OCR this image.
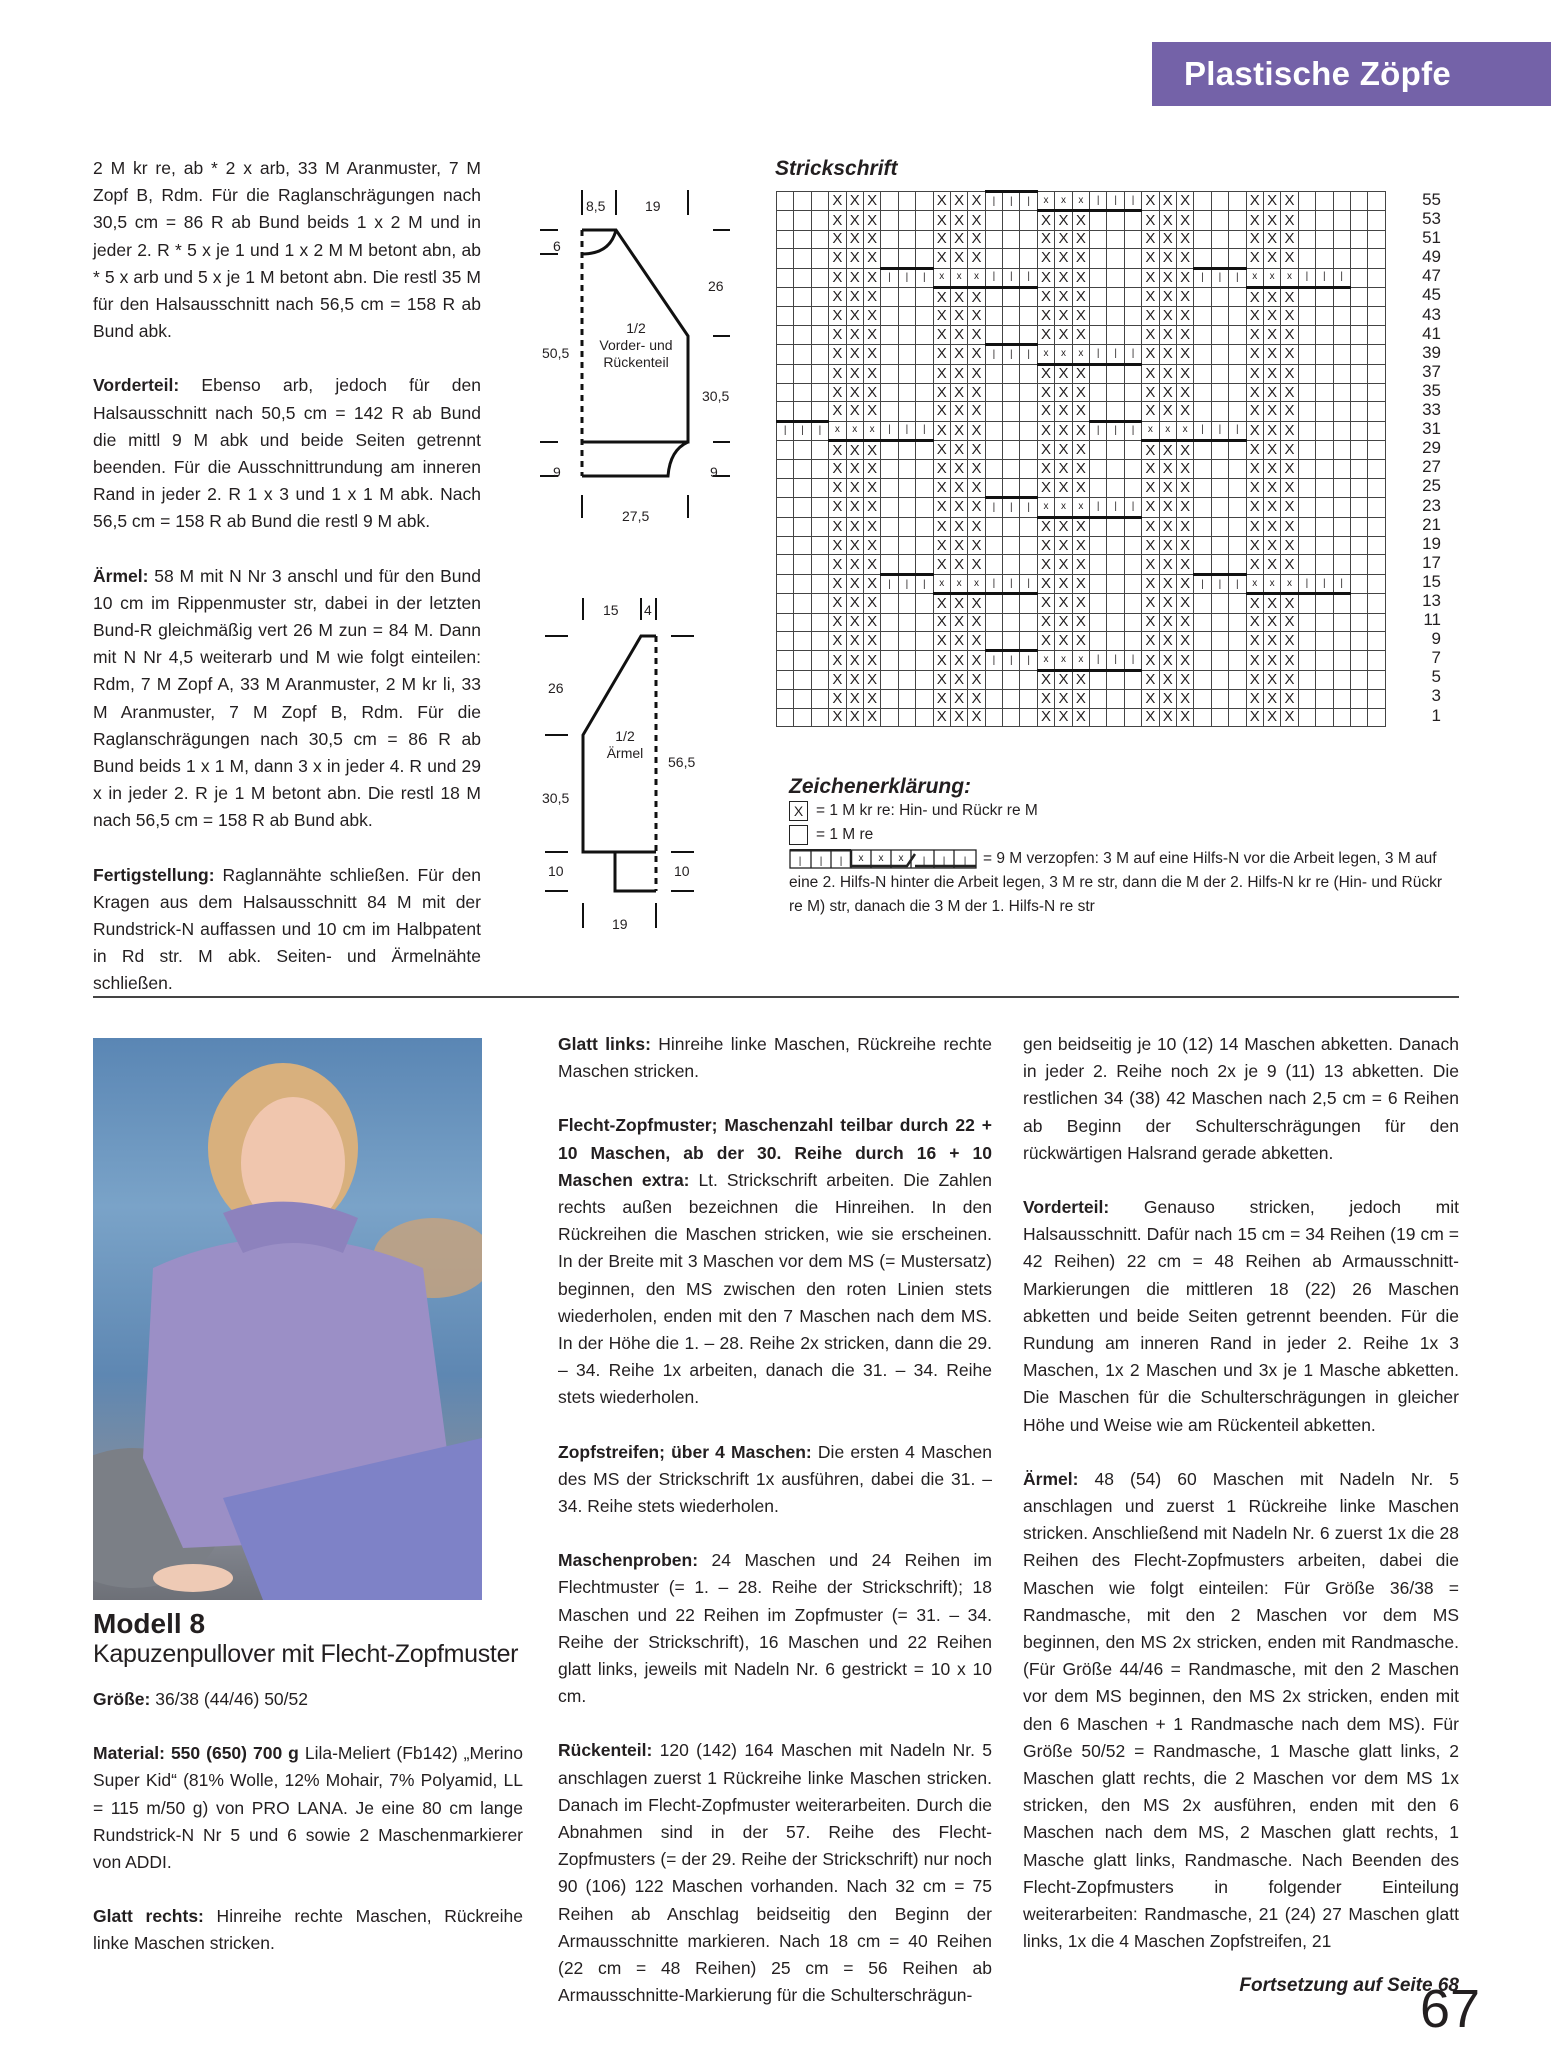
Plastische Zöpfe

2 M kr re, ab * 2 x arb, 33 M Aranmuster, 7 M Zopf B, Rdm. Für die Raglanschrägungen nach 30,5 cm = 86 R ab Bund beids 1 x 2 M und in jeder 2. R * 5 x je 1 und 1 x 2 M M betont abn, ab * 5 x arb und 5 x je 1 M betont abn. Die restl 35 M für den Halsausschnitt nach 56,5 cm = 158 R ab Bund abk.

Vorderteil: Ebenso arb, jedoch für den Halsausschnitt nach 50,5 cm = 142 R ab Bund die mittl 9 M abk und beide Seiten getrennt beenden. Für die Ausschnittrundung am inneren Rand in jeder 2. R 1 x 3 und 1 x 1 M abk. Nach 56,5 cm = 158 R ab Bund die restl 9 M abk.

Ärmel: 58 M mit N Nr 3 anschl und für den Bund 10 cm im Rippenmuster str, dabei in der letzten Bund-R gleichmäßig vert 26 M zun = 84 M. Dann mit N Nr 4,5 weiterarb und M wie folgt einteilen: Rdm, 7 M Zopf A, 33 M Aranmuster, 2 M kr li, 33 M Aranmuster, 7 M Zopf B, Rdm. Für die Raglanschrägungen nach 30,5 cm = 86 R ab Bund beids 1 x 1 M, dann 3 x in jeder 4. R und 29 x in jeder 2. R je 1 M betont abn. Die restl 18 M nach 56,5 cm = 158 R ab Bund abk.

Fertigstellung: Raglannähte schließen. Für den Kragen aus dem Halsausschnitt 84 M mit der Rundstrick-N auffassen und 10 cm im Halbpatent in Rd str. M abk. Seiten- und Ärmelnähte schließen.

8,5	19
6
50,5
9
26
30,5
9
27,5
1/2
Vorder- und
Rückenteil
15 4
26
30,5
10
56,5
10
19
1/2
Ärmel
Strickschrift
			X	X	X				X	X	X	|	|	|	x	x	x	|	|	|	X	X	X				X	X	X					
			X	X	X				X	X	X				X	X	X				X	X	X				X	X	X					
			X	X	X				X	X	X				X	X	X				X	X	X				X	X	X					
			X	X	X				X	X	X				X	X	X				X	X	X				X	X	X					
			X	X	X	|	|	|	x	x	x	|	|	|	X	X	X				X	X	X	|	|	|	x	x	x	|	|	|		
			X	X	X				X	X	X				X	X	X				X	X	X				X	X	X					
			X	X	X				X	X	X				X	X	X				X	X	X				X	X	X					
			X	X	X				X	X	X				X	X	X				X	X	X				X	X	X					
			X	X	X				X	X	X	|	|	|	x	x	x	|	|	|	X	X	X				X	X	X					
			X	X	X				X	X	X				X	X	X				X	X	X				X	X	X					
			X	X	X				X	X	X				X	X	X				X	X	X				X	X	X					
			X	X	X				X	X	X				X	X	X				X	X	X				X	X	X					
|	|	|	x	x	x	|	|	|	X	X	X				X	X	X	|	|	|	x	x	x	|	|	|	X	X	X					
			X	X	X				X	X	X				X	X	X				X	X	X				X	X	X					
			X	X	X				X	X	X				X	X	X				X	X	X				X	X	X					
			X	X	X				X	X	X				X	X	X				X	X	X				X	X	X					
			X	X	X				X	X	X	|	|	|	x	x	x	|	|	|	X	X	X				X	X	X					
			X	X	X				X	X	X				X	X	X				X	X	X				X	X	X					
			X	X	X				X	X	X				X	X	X				X	X	X				X	X	X					
			X	X	X				X	X	X				X	X	X				X	X	X				X	X	X					
			X	X	X	|	|	|	x	x	x	|	|	|	X	X	X				X	X	X	|	|	|	x	x	x	|	|	|		
			X	X	X				X	X	X				X	X	X				X	X	X				X	X	X					
			X	X	X				X	X	X				X	X	X				X	X	X				X	X	X					
			X	X	X				X	X	X				X	X	X				X	X	X				X	X	X					
			X	X	X				X	X	X	|	|	|	x	x	x	|	|	|	X	X	X				X	X	X					
			X	X	X				X	X	X				X	X	X				X	X	X				X	X	X					
			X	X	X				X	X	X				X	X	X				X	X	X				X	X	X					
			X	X	X				X	X	X				X	X	X				X	X	X				X	X	X					
55
53
51
49
47
45
43
41
39
37
35
33
31
29
27
25
23
21
19
17
15
13
11
9
7
5
3
1
Zeichenerklärung:
X = 1 M kr re: Hin- und Rückr re M
= 1 M re
| | | x x x | | | = 9 M verzopfen: 3 M auf eine Hilfs-N vor die Arbeit legen, 3 M auf eine 2. Hilfs-N hinter die Arbeit legen, 3 M re str, dann die M der 2. Hilfs-N kr re (Hin- und Rückr re M) str, danach die 3 M der 1. Hilfs-N re str
Modell 8
Kapuzenpullover mit Flecht-Zopfmuster

Größe: 36/38 (44/46) 50/52

Material: 550 (650) 700 g Lila-Meliert (Fb142) „Merino Super Kid“ (81% Wolle, 12% Mohair, 7% Polyamid, LL = 115 m/50 g) von PRO LANA. Je eine 80 cm lange Rundstrick-N Nr 5 und 6 sowie 2 Maschenmarkierer von ADDI.

Glatt rechts: Hinreihe rechte Maschen, Rückreihe linke Maschen stricken.

Glatt links: Hinreihe linke Maschen, Rückreihe rechte Maschen stricken.

Flecht-Zopfmuster; Maschenzahl teilbar durch 22 + 10 Maschen, ab der 30. Reihe durch 16 + 10 Maschen extra: Lt. Strickschrift arbeiten. Die Zahlen rechts außen bezeichnen die Hinreihen. In den Rückreihen die Maschen stricken, wie sie erscheinen. In der Breite mit 3 Maschen vor dem MS (= Mustersatz) beginnen, den MS zwischen den roten Linien stets wiederholen, enden mit den 7 Maschen nach dem MS. In der Höhe die 1. – 28. Reihe 2x stricken, dann die 29. – 34. Reihe 1x arbeiten, danach die 31. – 34. Reihe stets wiederholen.

Zopfstreifen; über 4 Maschen: Die ersten 4 Maschen des MS der Strickschrift 1x ausführen, dabei die 31. – 34. Reihe stets wiederholen.

Maschenproben: 24 Maschen und 24 Reihen im Flechtmuster (= 1. – 28. Reihe der Strickschrift); 18 Maschen und 22 Reihen im Zopfmuster (= 31. – 34. Reihe der Strickschrift), 16 Maschen und 22 Reihen glatt links, jeweils mit Nadeln Nr. 6 gestrickt = 10 x 10 cm.

Rückenteil: 120 (142) 164 Maschen mit Nadeln Nr. 5 anschlagen zuerst 1 Rückreihe linke Maschen stricken. Danach im Flecht-Zopfmuster weiterarbeiten. Durch die Abnahmen sind in der 57. Reihe des Flecht-Zopfmusters (= der 29. Reihe der Strickschrift) nur noch 90 (106) 122 Maschen vorhanden. Nach 32 cm = 75 Reihen ab Anschlag beidseitig den Beginn der Armausschnitte markieren. Nach 18 cm = 40 Reihen (22 cm = 48 Reihen) 25 cm = 56 Reihen ab Armausschnitte-Markierung für die Schulterschrägun-

gen beidseitig je 10 (12) 14 Maschen abketten. Danach in jeder 2. Reihe noch 2x je 9 (11) 13 abketten. Die restlichen 34 (38) 42 Maschen nach 2,5 cm = 6 Reihen ab Beginn der Schulterschrägungen für den rückwärtigen Halsrand gerade abketten.

Vorderteil: Genauso stricken, jedoch mit Halsausschnitt. Dafür nach 15 cm = 34 Reihen (19 cm = 42 Reihen) 22 cm = 48 Reihen ab Armausschnitt-Markierungen die mittleren 18 (22) 26 Maschen abketten und beide Seiten getrennt beenden. Für die Rundung am inneren Rand in jeder 2. Reihe 1x 3 Maschen, 1x 2 Maschen und 3x je 1 Masche abketten. Die Maschen für die Schulterschrägungen in gleicher Höhe und Weise wie am Rückenteil abketten.

Ärmel: 48 (54) 60 Maschen mit Nadeln Nr. 5 anschlagen und zuerst 1 Rückreihe linke Maschen stricken. Anschließend mit Nadeln Nr. 6 zuerst 1x die 28 Reihen des Flecht-Zopfmusters arbeiten, dabei die Maschen wie folgt einteilen: Für Größe 36/38 = Randmasche, mit den 2 Maschen vor dem MS beginnen, den MS 2x stricken, enden mit Randmasche. (Für Größe 44/46 = Randmasche, mit den 2 Maschen vor dem MS beginnen, den MS 2x stricken, enden mit den 6 Maschen + 1 Randmasche nach dem MS). Für Größe 50/52 = Randmasche, 1 Masche glatt links, 2 Maschen glatt rechts, die 2 Maschen vor dem MS 1x stricken, den MS 2x ausführen, enden mit den 6 Maschen nach dem MS, 2 Maschen glatt rechts, 1 Masche glatt links, Randmasche. Nach Beenden des Flecht-Zopfmusters in folgender Einteilung weiterarbeiten: Randmasche, 21 (24) 27 Maschen glatt links, 1x die 4 Maschen Zopfstreifen, 21

Fortsetzung auf Seite 68
67
